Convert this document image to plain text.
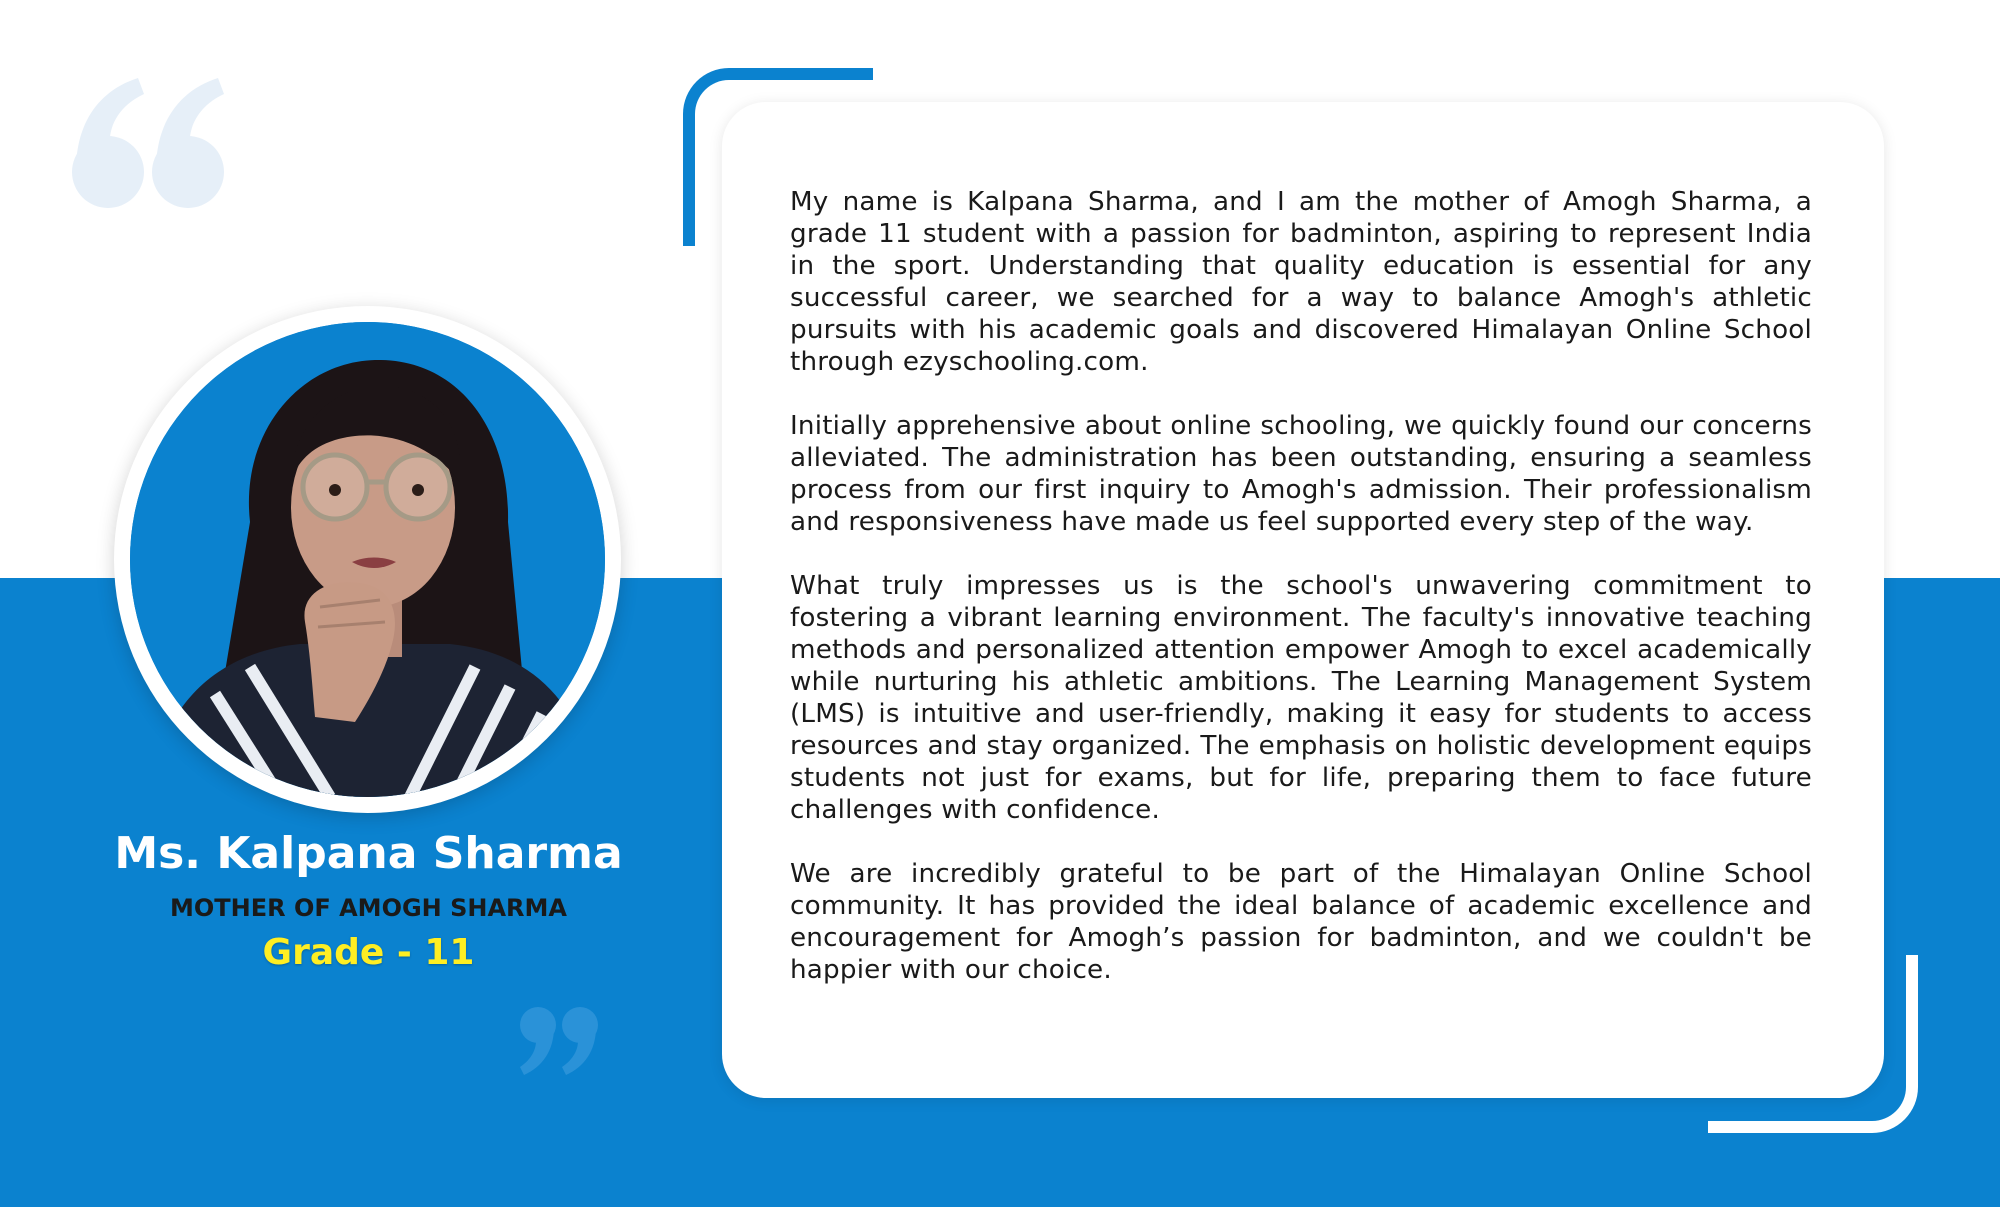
My name is Kalpana Sharma, and I am the mother of Amogh Sharma, a grade 11 student with a passion for badminton, aspiring to represent India in the sport. Understanding that quality education is essential for any successful career, we searched for a way to balance Amogh's athletic pursuits with his academic goals and discovered Himalayan Online School through ezyschooling.com.

Initially apprehensive about online schooling, we quickly found our concerns alleviated. The administration has been outstanding, ensuring a seamless process from our first inquiry to Amogh's admission. Their professionalism and responsiveness have made us feel supported every step of the way.

What truly impresses us is the school's unwavering commitment to fostering a vibrant learning environment. The faculty's innovative teaching methods and personalized attention empower Amogh to excel academically while nurturing his athletic ambitions. The Learning Management System (LMS) is intuitive and user-friendly, making it easy for students to access resources and stay organized. The emphasis on holistic development equips students not just for exams, but for life, preparing them to face future challenges with confidence.

We are incredibly grateful to be part of the Himalayan Online School community. It has provided the ideal balance of academic excellence and encouragement for Amogh’s passion for badminton, and we couldn't be happier with our choice.

Ms. Kalpana Sharma
MOTHER OF AMOGH SHARMA
Grade - 11
